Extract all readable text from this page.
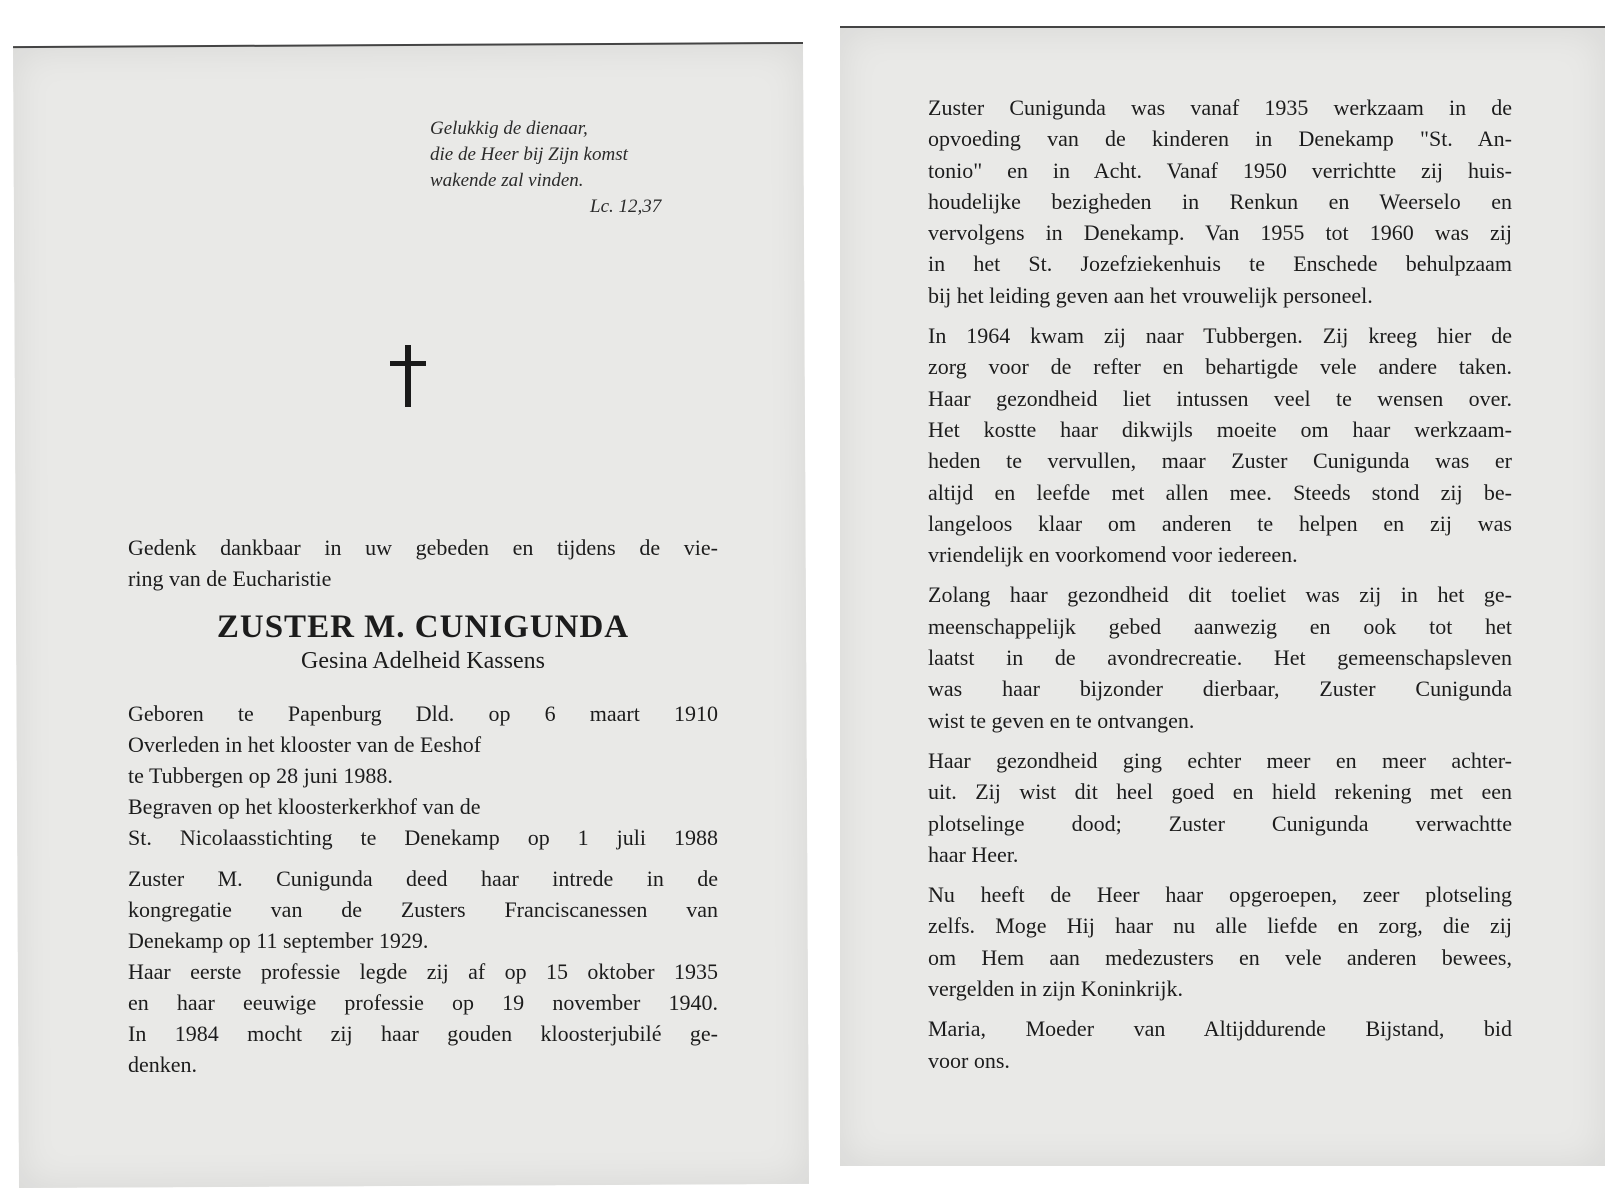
Gelukkig de dienaar,
die de Heer bij Zijn komst
wakende zal vinden.
Lc. 12,37
Gedenk dankbaar in uw gebeden en tijdens de vie-
ring van de Eucharistie
ZUSTER M. CUNIGUNDA
Gesina Adelheid Kassens
Geboren te Papenburg Dld. op 6 maart 1910
Overleden in het klooster van de Eeshof
te Tubbergen op 28 juni 1988.
Begraven op het kloosterkerkhof van de
St. Nicolaasstichting te Denekamp op 1 juli 1988
Zuster M. Cunigunda deed haar intrede in de
kongregatie van de Zusters Franciscanessen van
Denekamp op 11 september 1929.
Haar eerste professie legde zij af op 15 oktober 1935
en haar eeuwige professie op 19 november 1940.
In 1984 mocht zij haar gouden kloosterjubilé ge-
denken.
Zuster Cunigunda was vanaf 1935 werkzaam in de
opvoeding van de kinderen in Denekamp "St. An-
tonio" en in Acht. Vanaf 1950 verrichtte zij huis-
houdelijke bezigheden in Renkun en Weerselo en
vervolgens in Denekamp. Van 1955 tot 1960 was zij
in het St. Jozefziekenhuis te Enschede behulpzaam
bij het leiding geven aan het vrouwelijk personeel.
In 1964 kwam zij naar Tubbergen. Zij kreeg hier de
zorg voor de refter en behartigde vele andere taken.
Haar gezondheid liet intussen veel te wensen over.
Het kostte haar dikwijls moeite om haar werkzaam-
heden te vervullen, maar Zuster Cunigunda was er
altijd en leefde met allen mee. Steeds stond zij be-
langeloos klaar om anderen te helpen en zij was
vriendelijk en voorkomend voor iedereen.
Zolang haar gezondheid dit toeliet was zij in het ge-
meenschappelijk gebed aanwezig en ook tot het
laatst in de avondrecreatie. Het gemeenschapsleven
was haar bijzonder dierbaar, Zuster Cunigunda
wist te geven en te ontvangen.
Haar gezondheid ging echter meer en meer achter-
uit. Zij wist dit heel goed en hield rekening met een
plotselinge dood; Zuster Cunigunda verwachtte
haar Heer.
Nu heeft de Heer haar opgeroepen, zeer plotseling
zelfs. Moge Hij haar nu alle liefde en zorg, die zij
om Hem aan medezusters en vele anderen bewees,
vergelden in zijn Koninkrijk.
Maria, Moeder van Altijddurende Bijstand, bid
voor ons.
